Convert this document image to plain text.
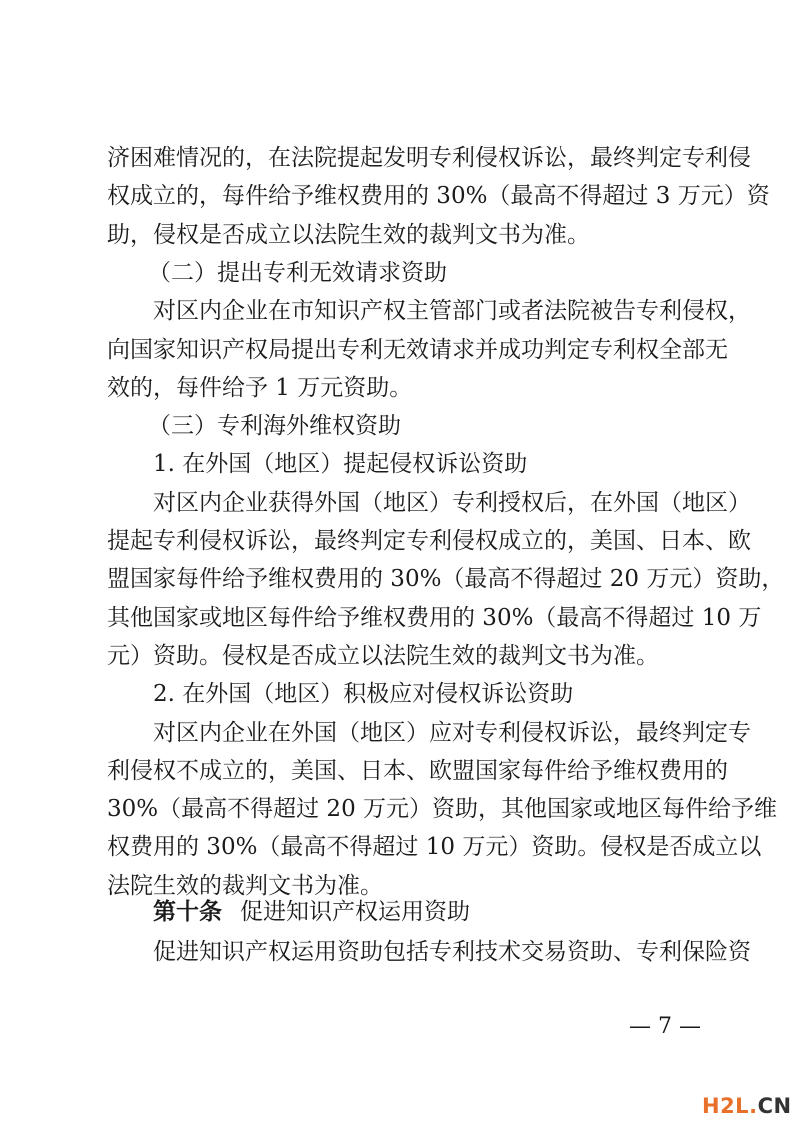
济困难情况的，在法院提起发明专利侵权诉讼，最终判定专利侵
权成立的，每件给予维权费用的 30%（最高不得超过 3 万元）资
助，侵权是否成立以法院生效的裁判文书为准。
（二）提出专利无效请求资助
对区内企业在市知识产权主管部门或者法院被告专利侵权，
向国家知识产权局提出专利无效请求并成功判定专利权全部无
效的，每件给予 1 万元资助。
（三）专利海外维权资助
1. 在外国（地区）提起侵权诉讼资助
对区内企业获得外国（地区）专利授权后，在外国（地区）
提起专利侵权诉讼，最终判定专利侵权成立的，美国、日本、欧
盟国家每件给予维权费用的 30%（最高不得超过 20 万元）资助，
其他国家或地区每件给予维权费用的 30%（最高不得超过 10 万
元）资助。侵权是否成立以法院生效的裁判文书为准。
2. 在外国（地区）积极应对侵权诉讼资助
对区内企业在外国（地区）应对专利侵权诉讼，最终判定专
利侵权不成立的，美国、日本、欧盟国家每件给予维权费用的
30%（最高不得超过 20 万元）资助，其他国家或地区每件给予维
权费用的 30%（最高不得超过 10 万元）资助。侵权是否成立以
法院生效的裁判文书为准。
第十条 促进知识产权运用资助
促进知识产权运用资助包括专利技术交易资助、专利保险资
— 7 —
H2L.CN
